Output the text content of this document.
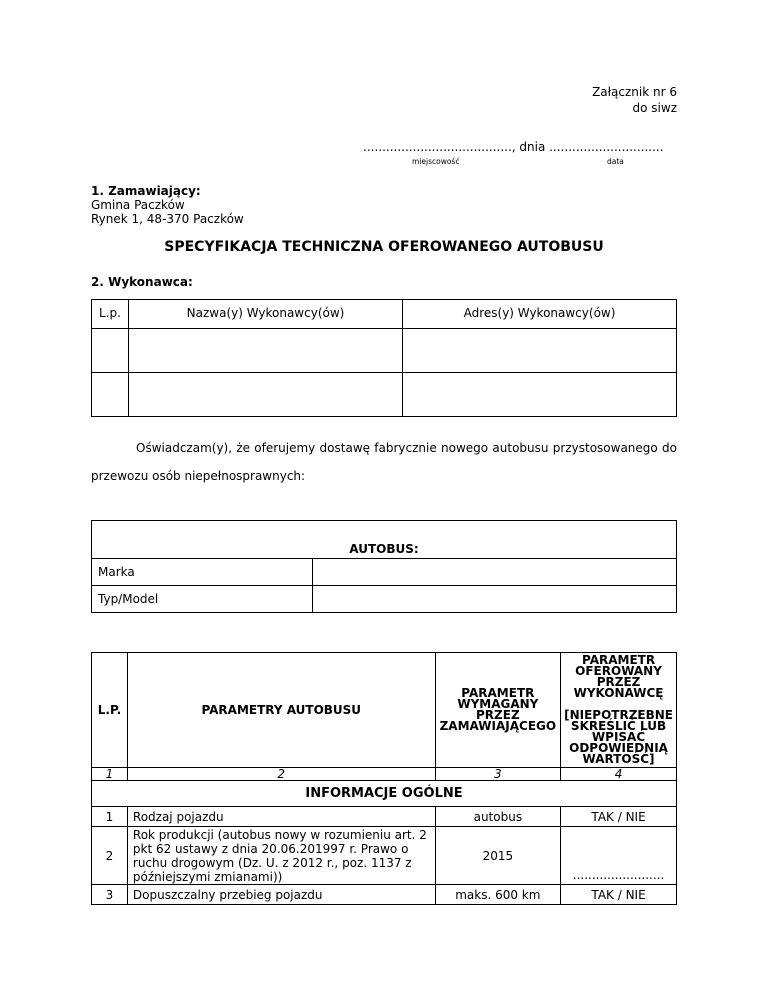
Załącznik nr 6
do siwz
......................................., dnia ..............................
miejscowość	data
1. Zamawiający:
Gmina Paczków
Rynek 1, 48-370 Paczków
SPECYFIKACJA TECHNICZNA OFEROWANEGO AUTOBUSU
2. Wykonawca:
L.p.	Nazwa(y) Wykonawcy(ów)	Adres(y) Wykonawcy(ów)

Oświadczam(y), że oferujemy dostawę fabrycznie nowego autobusu przystosowanego do przewozu osób niepełnosprawnych:
AUTOBUS:	
Marka	
Typ/Model	
L.P.	PARAMETRY AUTOBUSU	PARAMETR WYMAGANY PRZEZ ZAMAWIAJĄCEGO	PARAMETR OFEROWANY PRZEZ WYKONAWCĘ
[NIEPOTRZEBNE SKREŚLIĆ LUB WPISAĆ ODPOWIEDNIĄ WARTOŚĆ]

1	2	3	4
INFORMACJE OGÓLNE			
1	Rodzaj pojazdu	autobus	TAK / NIE
2	Rok produkcji (autobus nowy w rozumieniu art. 2 pkt 62 ustawy z dnia 20.06.201997 r. Prawo o ruchu drogowym (Dz. U. z 2012 r., poz. 1137 z późniejszymi zmianami))	2015	........................
3	Dopuszczalny przebieg pojazdu	maks. 600 km	TAK / NIE
